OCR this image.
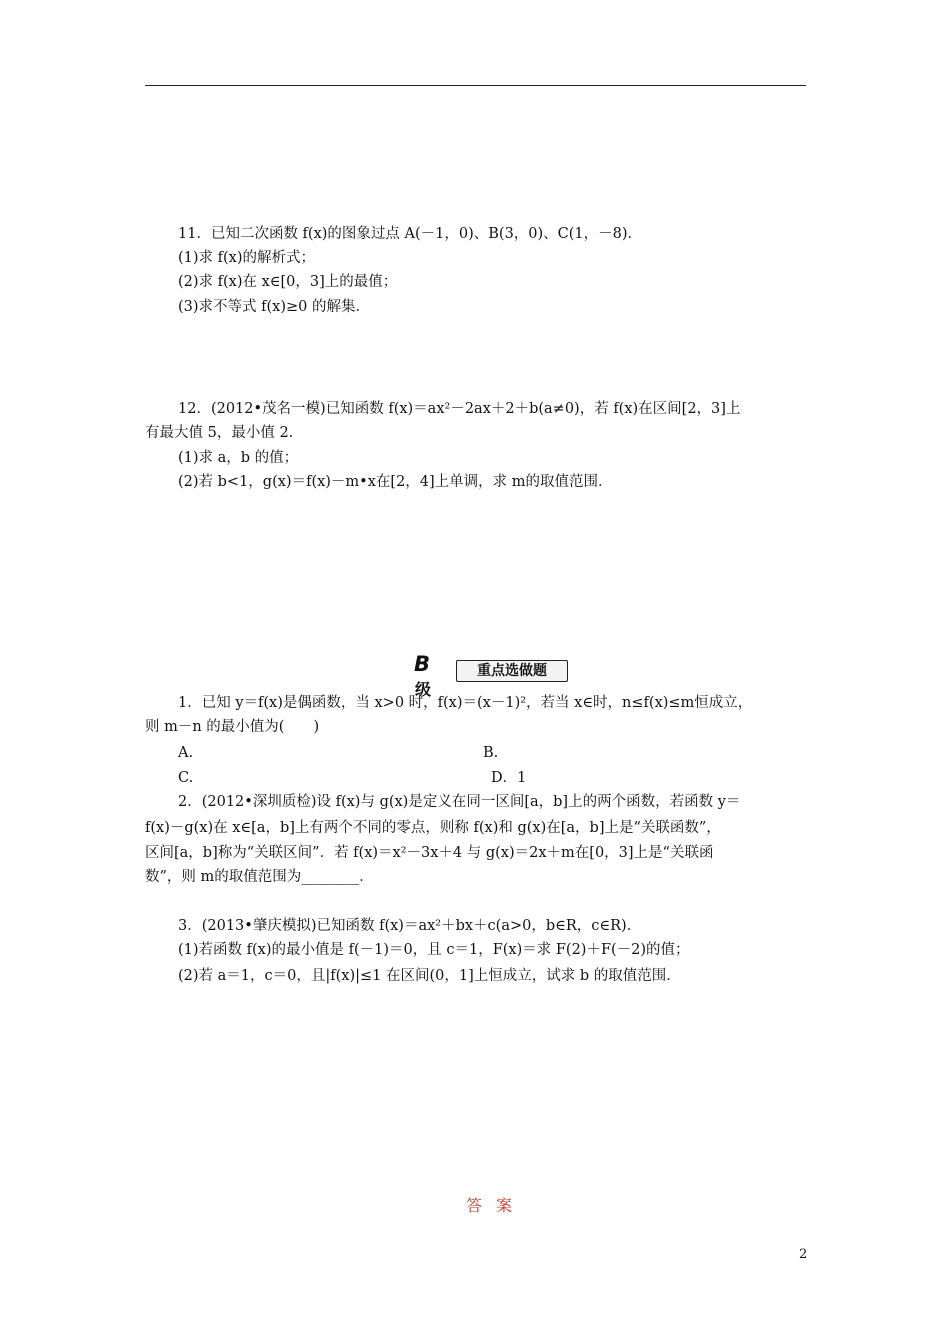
11．已知二次函数 f(x)的图象过点 A(－1，0)、B(3，0)、C(1，－8)．
(1)求 f(x)的解析式；
(2)求 f(x)在 x∈[0，3]上的最值；
(3)求不等式 f(x)≥0 的解集．
12．(2012•茂名一模)已知函数 f(x)＝ax²－2ax＋2＋b(a≠0)，若 f(x)在区间[2，3]上
有最大值 5，最小值 2.
(1)求 a，b 的值；
(2)若 b<1，g(x)＝f(x)－m•x在[2，4]上单调，求 m的取值范围．
B级
重点选做题
1．已知 y＝f(x)是偶函数，当 x>0 时，f(x)＝(x－1)²，若当 x∈时，n≤f(x)≤m恒成立，
则 m－n 的最小值为(　　)
A.	B.
C.	D．1
2．(2012•深圳质检)设 f(x)与 g(x)是定义在同一区间[a，b]上的两个函数，若函数 y＝
f(x)－g(x)在 x∈[a，b]上有两个不同的零点，则称 f(x)和 g(x)在[a，b]上是“关联函数”，
区间[a，b]称为“关联区间”．若 f(x)＝x²－3x＋4 与 g(x)＝2x＋m在[0，3]上是“关联函
数”，则 m的取值范围为________．
3．(2013•肇庆模拟)已知函数 f(x)＝ax²＋bx＋c(a>0，b∈R，c∈R)．
(1)若函数 f(x)的最小值是 f(－1)＝0，且 c＝1，F(x)＝求 F(2)＋F(－2)的值；
(2)若 a＝1，c＝0，且|f(x)|≤1 在区间(0，1]上恒成立，试求 b 的取值范围．
答案
2
